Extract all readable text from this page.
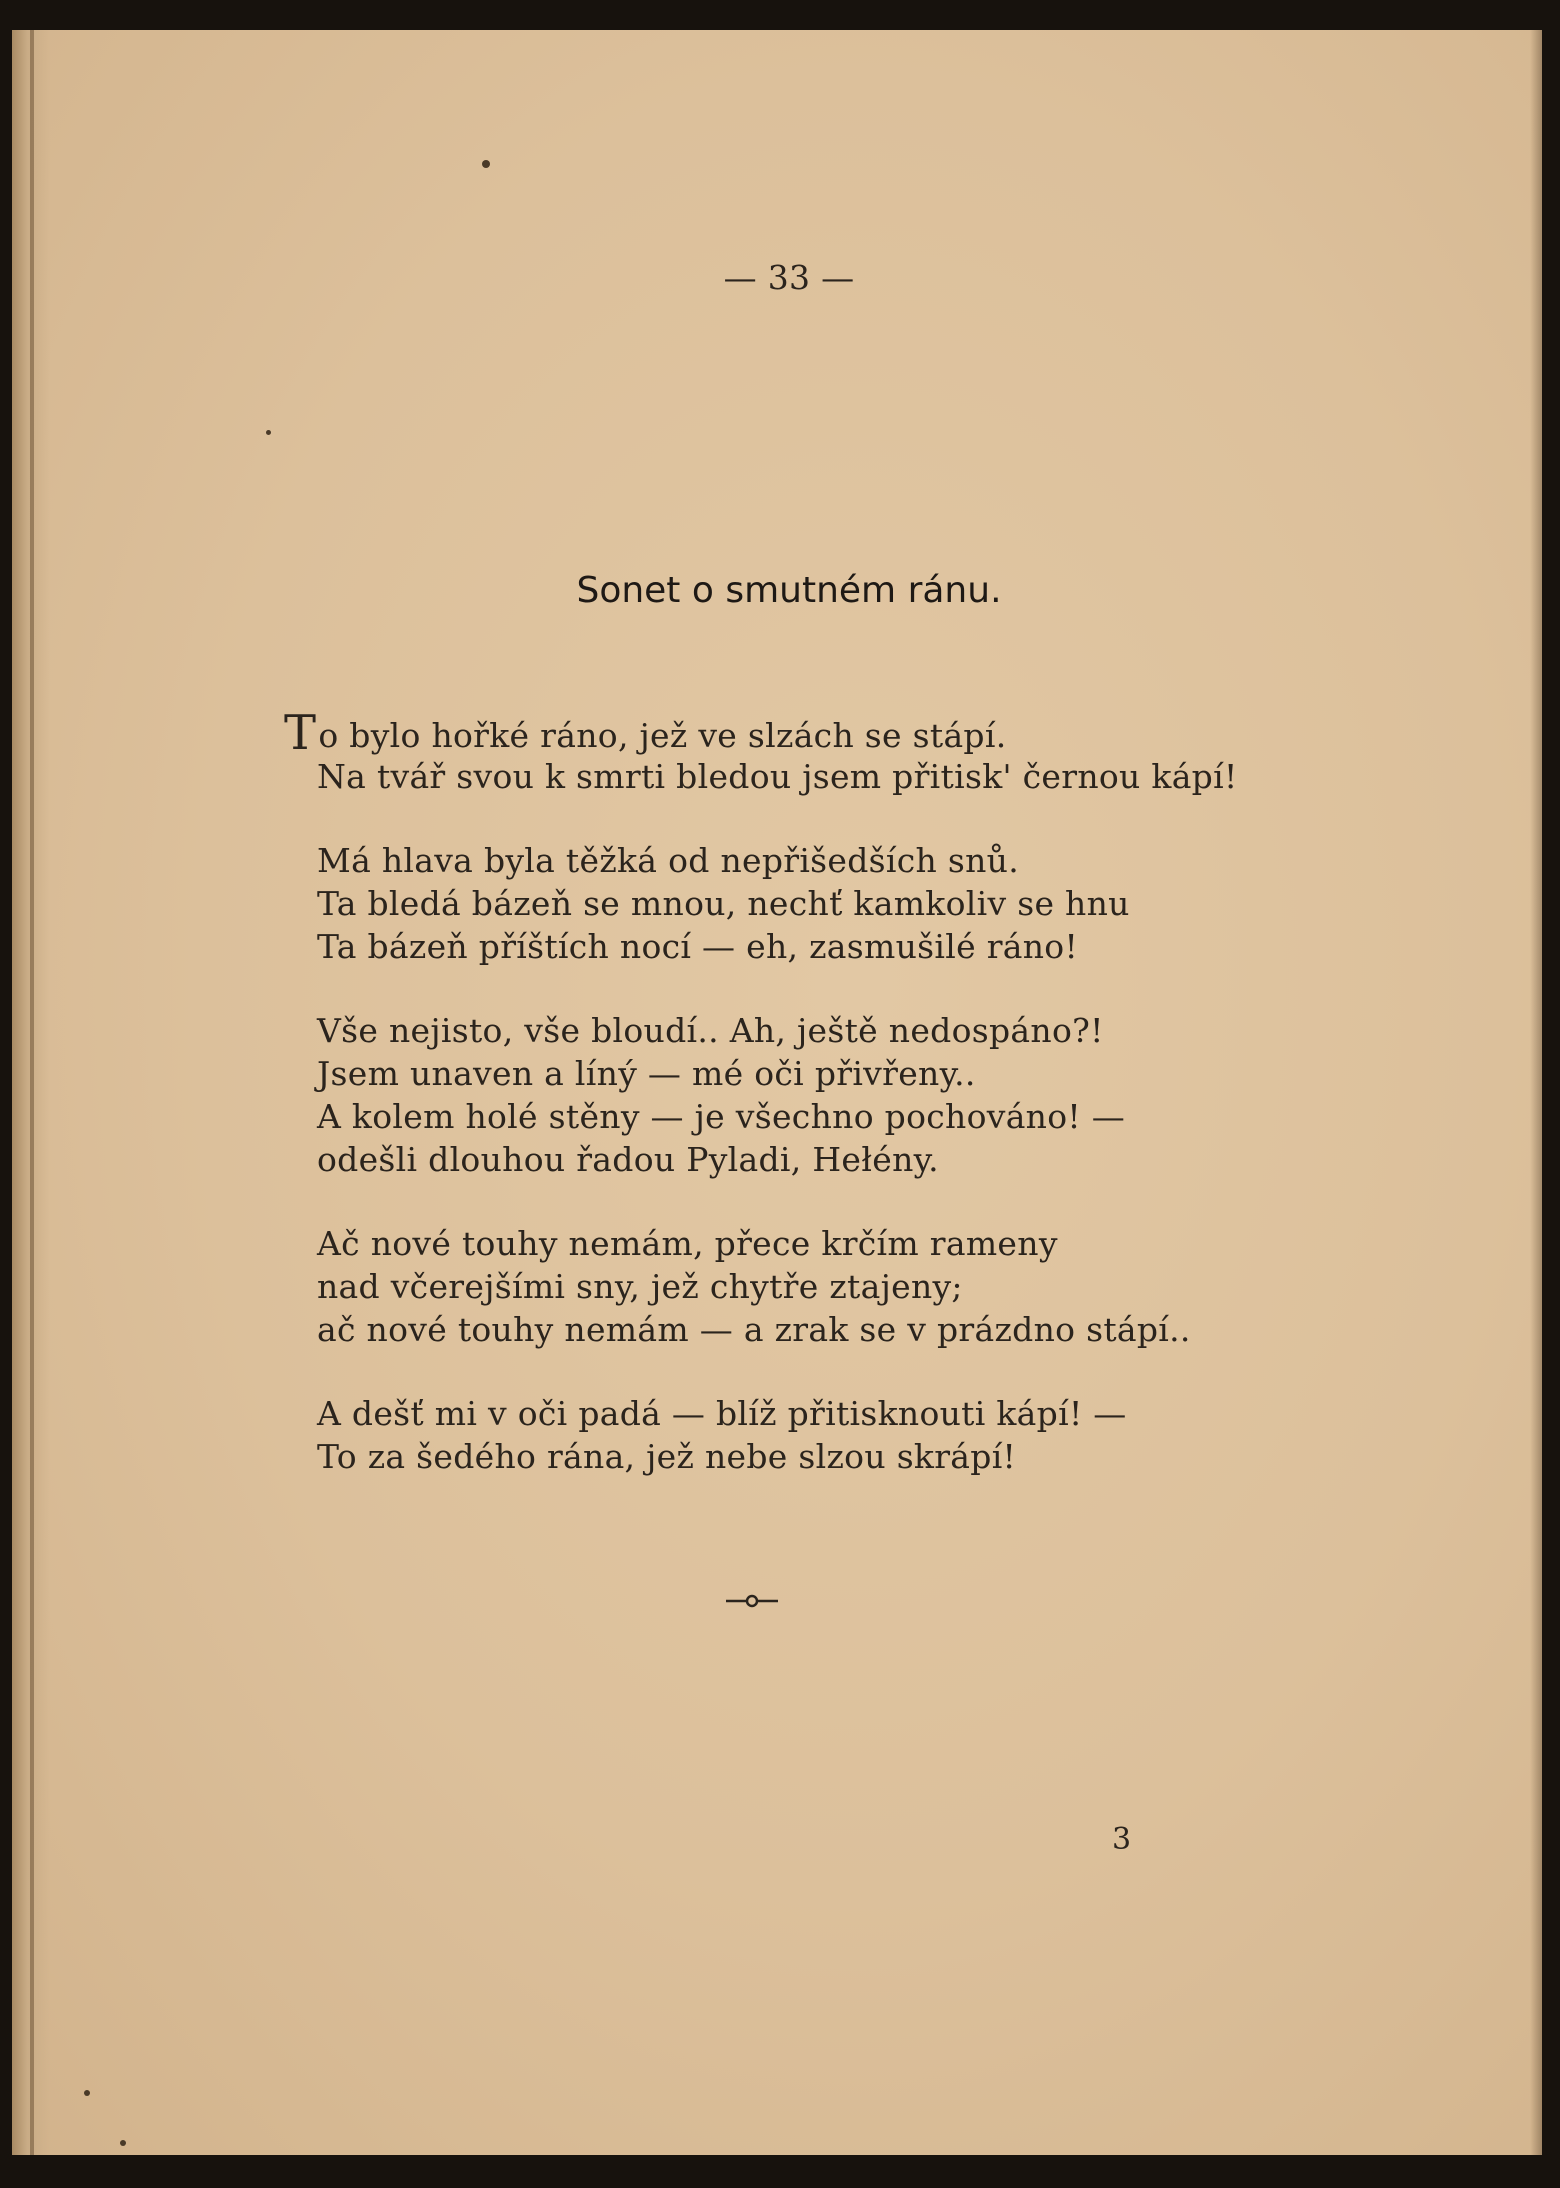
— 33 —
Sonet o smutném ránu.
To bylo hořké ráno, jež ve slzách se stápí.
Na tvář svou k smrti bledou jsem přitisk' černou kápí!
Má hlava byla těžká od nepřišedších snů.
Ta bledá bázeň se mnou, nechť kamkoliv se hnu
Ta bázeň příštích nocí — eh, zasmušilé ráno!
Vše nejisto, vše bloudí.. Ah, ještě nedospáno?!
Jsem unaven a líný — mé oči přivřeny..
A kolem holé stěny — je všechno pochováno! —
odešli dlouhou řadou Pyladi, Hełény.
Ač nové touhy nemám, přece krčím rameny
nad včerejšími sny, jež chytře ztajeny;
ač nové touhy nemám — a zrak se v prázdno stápí..
A dešť mi v oči padá — blíž přitisknouti kápí! —
To za šedého rána, jež nebe slzou skrápí!
3
